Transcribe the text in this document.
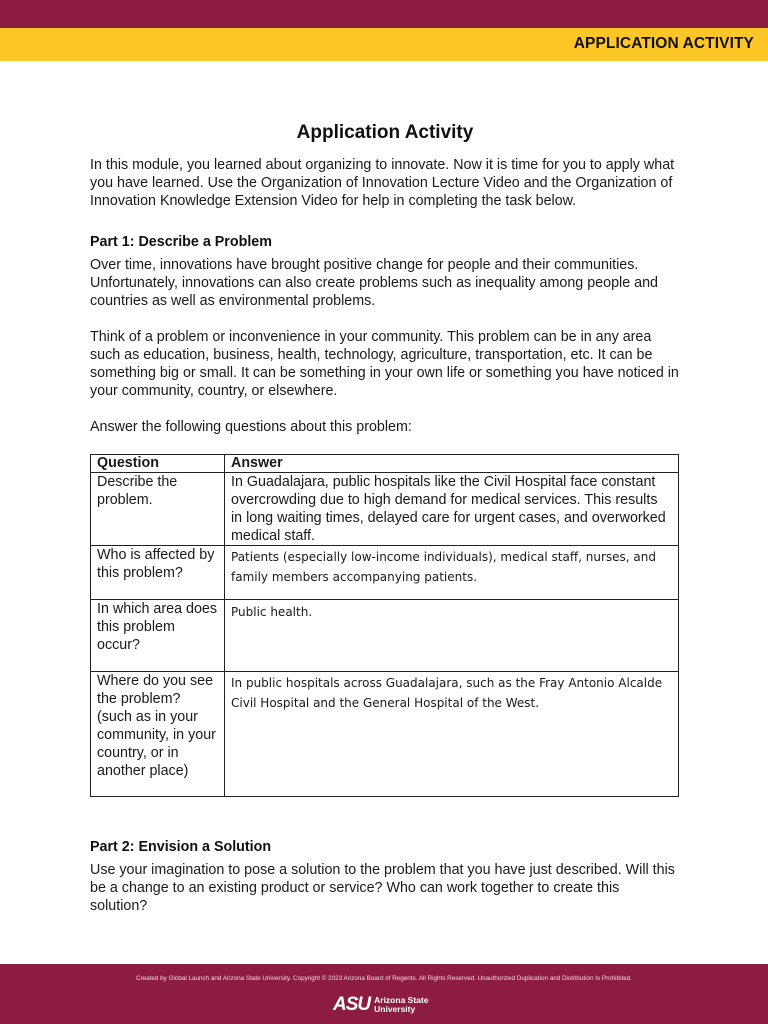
APPLICATION ACTIVITY
Application Activity

In this module, you learned about organizing to innovate. Now it is time for you to apply what you have learned. Use the Organization of Innovation Lecture Video and the Organization of Innovation Knowledge Extension Video for help in completing the task below.

Part 1: Describe a Problem

Over time, innovations have brought positive change for people and their communities. Unfortunately, innovations can also create problems such as inequality among people and countries as well as environmental problems.

Think of a problem or inconvenience in your community. This problem can be in any area such as education, business, health, technology, agriculture, transportation, etc. It can be something big or small. It can be something in your own life or something you have noticed in your community, country, or elsewhere.

Answer the following questions about this problem:

Question	Answer
Describe the problem.	In Guadalajara, public hospitals like the Civil Hospital face constant overcrowding due to high demand for medical services. This results in long waiting times, delayed care for urgent cases, and overworked medical staff.
Who is affected by this problem?	Patients (especially low-income individuals), medical staff, nurses, and family members accompanying patients.
In which area does this problem occur?	Public health.
Where do you see the problem? (such as in your community, in your country, or in another place)	In public hospitals across Guadalajara, such as the Fray Antonio Alcalde Civil Hospital and the General Hospital of the West.
Part 2: Envision a Solution

Use your imagination to pose a solution to the problem that you have just described. Will this be a change to an existing product or service? Who can work together to create this solution?

Created by Global Launch and Arizona State University. Copyright © 2023 Arizona Board of Regents. All Rights Reserved. Unauthorized Duplication and Distribution Is Prohibited.
ASU Arizona State
University
